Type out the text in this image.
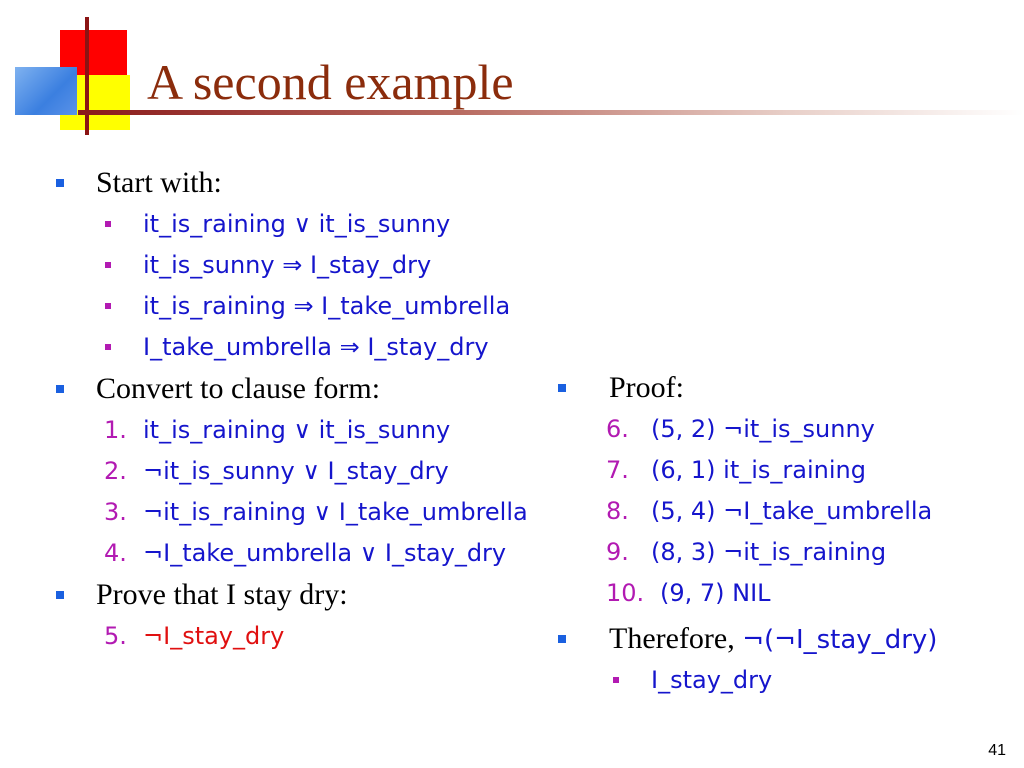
A second example
Start with:
it_is_raining ∨ it_is_sunny
it_is_sunny ⇒ I_stay_dry
it_is_raining ⇒ I_take_umbrella
I_take_umbrella ⇒ I_stay_dry
Convert to clause form:
1. it_is_raining ∨ it_is_sunny
2. ¬it_is_sunny ∨ I_stay_dry
3. ¬it_is_raining ∨ I_take_umbrella
4. ¬I_take_umbrella ∨ I_stay_dry
Prove that I stay dry:
5. ¬I_stay_dry
Proof:
6. (5, 2) ¬it_is_sunny
7. (6, 1) it_is_raining
8. (5, 4) ¬I_take_umbrella
9. (8, 3) ¬it_is_raining
10. (9, 7) NIL
Therefore, ¬(¬I_stay_dry)
I_stay_dry
41
